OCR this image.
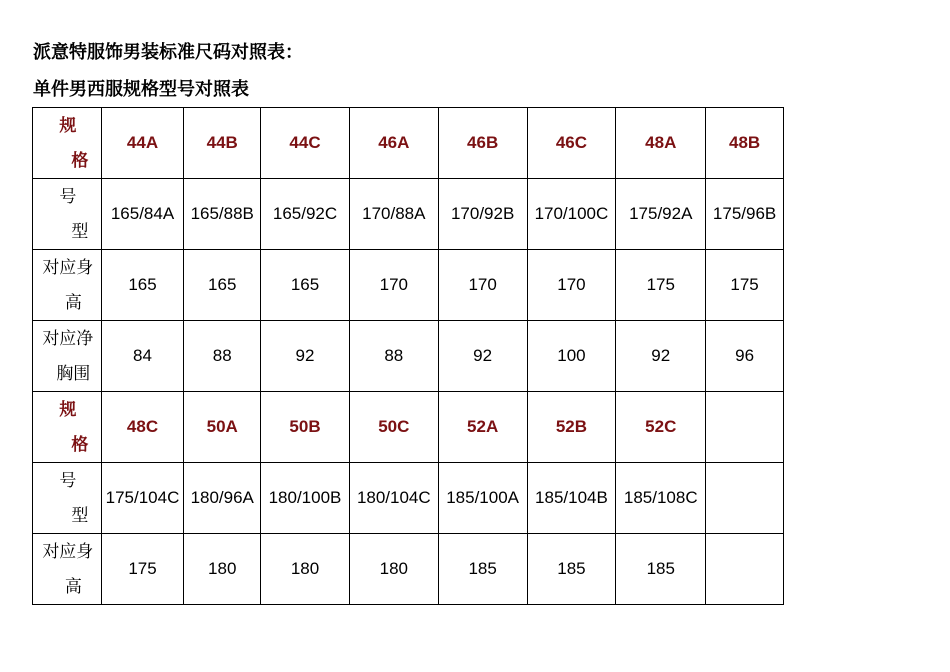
派意特服饰男装标准尺码对照表：
单件男西服规格型号对照表
规
格	44A	44B	44C	46A	46B	46C	48A	48B

号
型	165/84A	165/88B	165/92C	170/88A	170/92B	170/100C	175/92A	175/96B

对应身
高	165	165	165	170	170	170	175	175

对应净
胸围	84	88	92	88	92	100	92	96

规
格	48C	50A	50B	50C	52A	52B	52C	

号
型	175/104C	180/96A	180/100B	180/104C	185/100A	185/104B	185/108C	

对应身
高	175	180	180	180	185	185	185	
